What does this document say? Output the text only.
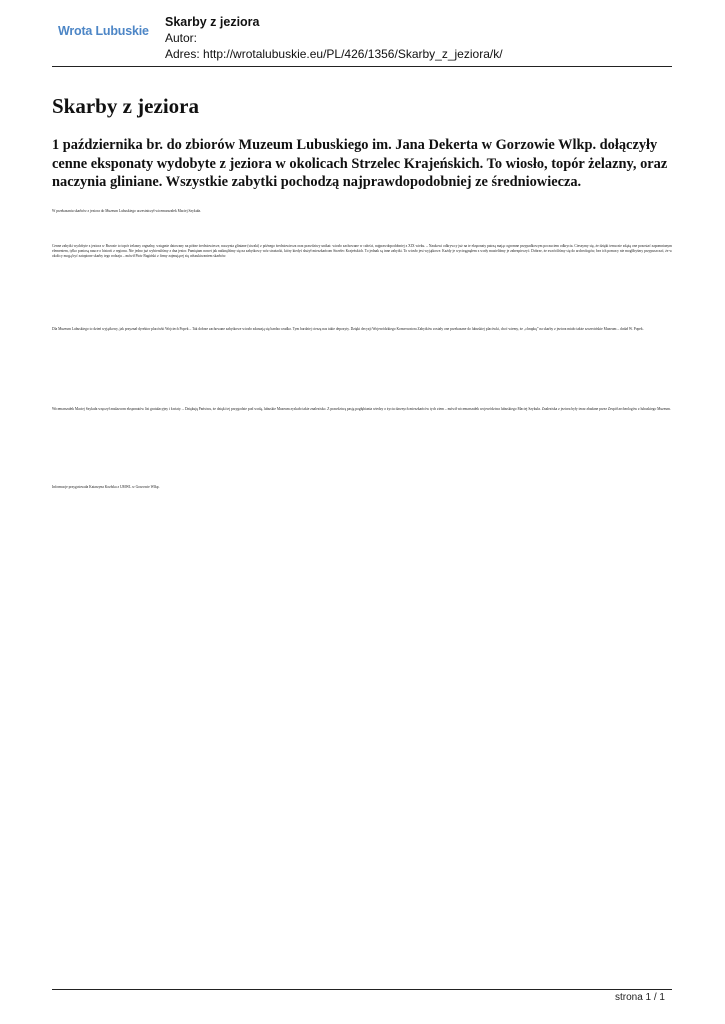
Wrota Lubuskie
Skarby z jeziora
Autor:
Adres: http://wrotalubuskie.eu/PL/426/1356/Skarby_z_jeziora/k/
Skarby z jeziora

1 października br. do zbiorów Muzeum Lubuskiego im. Jana Dekerta w Gorzowie Wlkp. dołączyły cenne eksponaty wydobyte z jeziora w okolicach Strzelec Krajeńskich. To wiosło, topór żelazny, oraz naczynia gliniane. Wszystkie zabytki pochodzą najprawdopodobniej ze średniowiecza.

W przekazaniu skarbów z jeziora do Muzeum Lubuskiego uczestniczył wicemarszałek Maciej Szykuła.

Cenne zabytki wydobyte z jeziora w Brzozie to topór żelazny orgnalny, wstępnie datowany na późne średniowiecze, naczynia gliniane (siwaki) z późnego średniowiecza oraz prawdziwy unikat: wiosło zachowane w całości, najprawdopodobniej z XIX wieku. – Naukowi odkrywcy już na te eksponaty patrzą mając ogromne przypadkowym poczuciem odkrycia. Cieszymy się, że dzięki temu nie zdążą one pozostać zapomnianym elementem, tylko poniosą nauce o historii z regionu. Nie jedno już wybieraliśmy z dna jezior. Pamiętam nawet jak natknęliśmy się na zabytkowy wóz strażacki, który kiedyś służył mieszkańcom Strzelec Krajeńskich. To jednak są inne zabytki. To wiosło jest wyjątkowe. Każdy je wycieągnąłem z wody musieliśmy je zabezpieczyć. Dobrze, że zwróciliśmy się do archeologów, bez ich pomocy nie moglibyśmy przypuszczać, że w okolicy mogą być zatopione skarby tego rodzaju – mówił Piotr Bagiński z firmy zajmującej się odszukiwaniem skarbów.

Dla Muzeum Lubuskiego to dzień wyjątkowy, jak przyznał dyrektor placówki Wojciech Popek – Tak dobrze zachowane zabytkowe wiosło zdarzają się bardzo rzadko. Tym bardziej cieszą nas takie depozyty. Dzięki decyzji Wojewódzkiego Konserwatora Zabytków zostały one przekazane do lubuskiej placówki, choć wiemy, że „chrapkę” na skarby z jeziora miało także szczecińskie Muzeum – dodał W. Popek.

Wicemarszałek Maciej Szykuła wręczył znalazcom eksponatów list gratulacyjny i kwiaty. – Dziękuję Państwu, że dzięki tej przygodzie pod wodą, lubuskie Muzeum zyskało takie znalezisko. Z prawdziwą pasją pogłębiania wiedzy o życiu dawnych mieszkańców tych ziem – mówił wicemarszałek województwa lubuskiego Maciej Szykuła. Znaleziska z jeziora były teraz zbadane przez Zespół archeologów z lubuskiego Muzeum.

Informacje przygotowała Katarzyna Kozłska z UMWL w Gorzowie Wlkp.

strona 1 / 1
